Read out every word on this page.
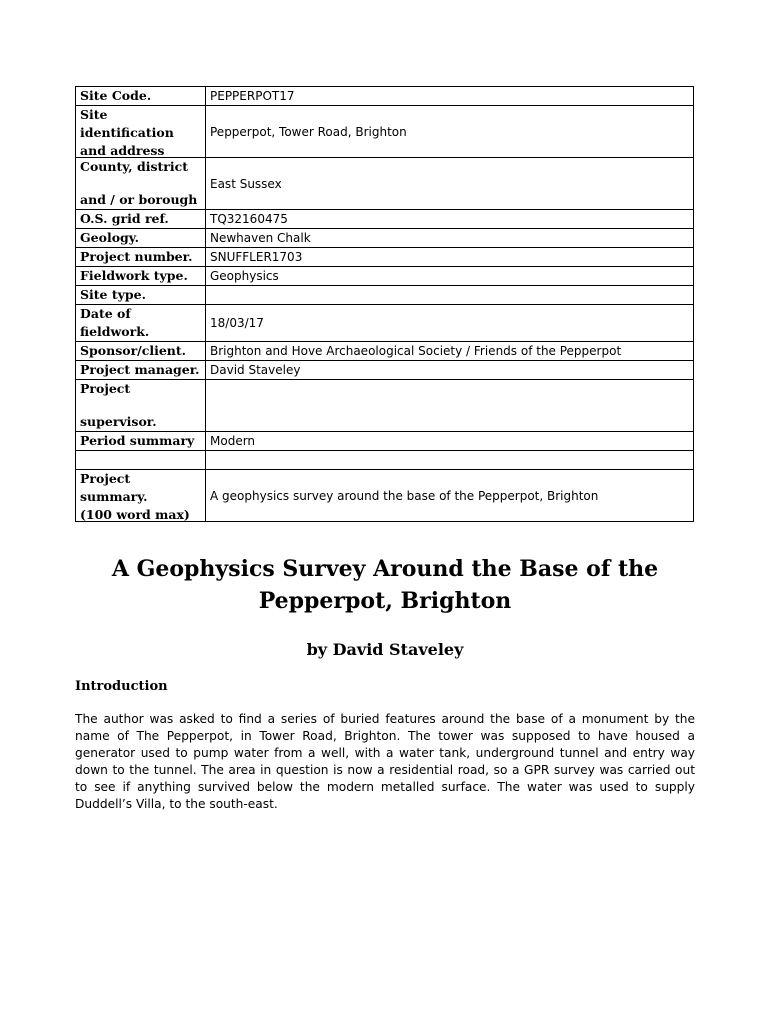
Site Code.	PEPPERPOT17

Site identification
and address	Pepperpot, Tower Road, Brighton

County, district
and / or borough	East Sussex
O.S. grid ref.	TQ32160475
Geology.	Newhaven Chalk
Project number.	SNUFFLER1703
Fieldwork type.	Geophysics
Site type.	
Date of fieldwork.	18/03/17
Sponsor/client.	Brighton and Hove Archaeological Society / Friends of the Pepperpot
Project manager.	David Staveley

Project
supervisor.	

Period summary	Modern

Project summary.
(100 word max)	A geophysics survey around the base of the Pepperpot, Brighton
A Geophysics Survey Around the Base of the Pepperpot, Brighton
by David Staveley
Introduction

The author was asked to find a series of buried features around the base of a monument by the name of The Pepperpot, in Tower Road, Brighton. The tower was supposed to have housed a generator used to pump water from a well, with a water tank, underground tunnel and entry way down to the tunnel. The area in question is now a residential road, so a GPR survey was carried out to see if anything survived below the modern metalled surface. The water was used to supply Duddell’s Villa, to the south-east.
